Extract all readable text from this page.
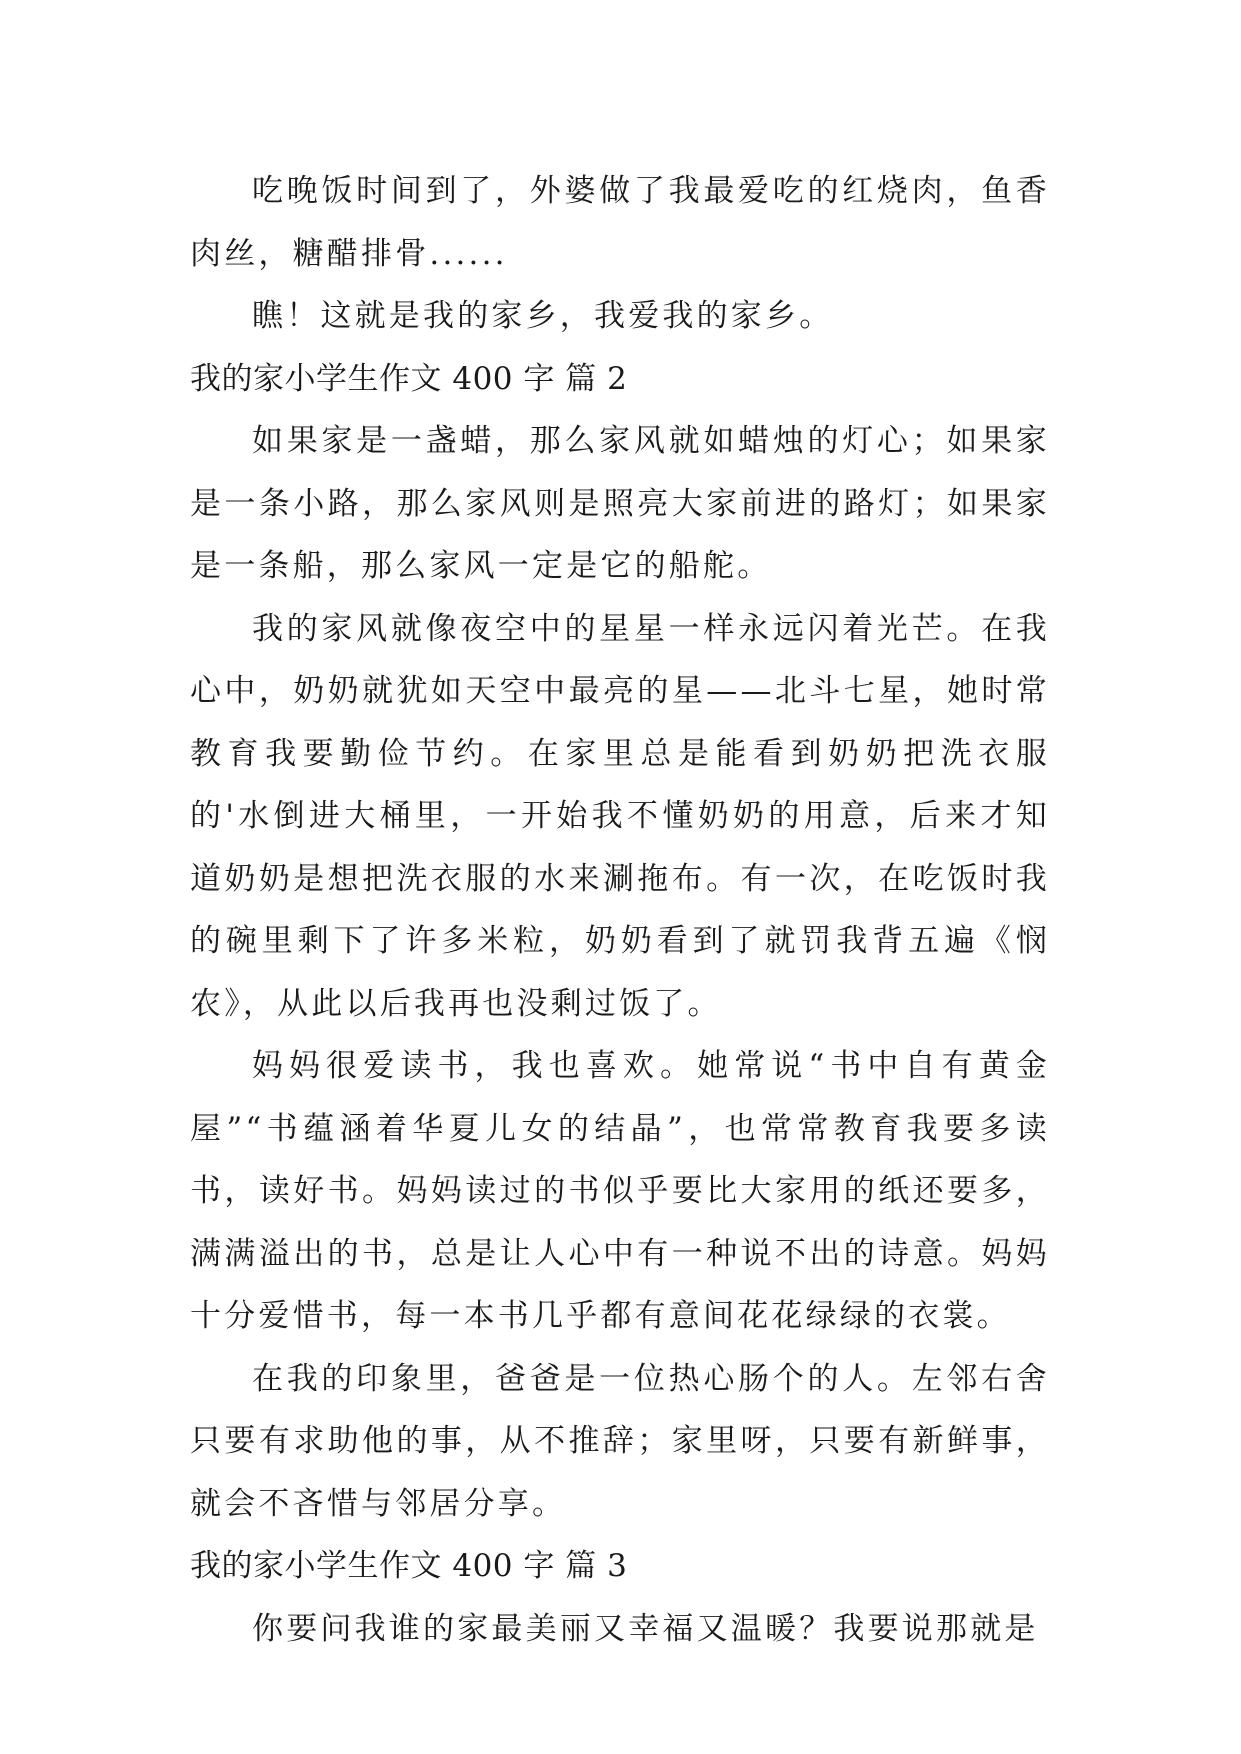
吃晚饭时间到了，外婆做了我最爱吃的红烧肉，鱼香肉丝，糖醋排骨......

瞧！这就是我的家乡，我爱我的家乡。

我的家小学生作文 400 字 篇 2

如果家是一盏蜡，那么家风就如蜡烛的灯心；如果家是一条小路，那么家风则是照亮大家前进的路灯；如果家是一条船，那么家风一定是它的船舵。

我的家风就像夜空中的星星一样永远闪着光芒。在我心中，奶奶就犹如天空中最亮的星——北斗七星，她时常教育我要勤俭节约。在家里总是能看到奶奶把洗衣服的'水倒进大桶里，一开始我不懂奶奶的用意，后来才知道奶奶是想把洗衣服的水来涮拖布。有一次，在吃饭时我的碗里剩下了许多米粒，奶奶看到了就罚我背五遍《悯农》，从此以后我再也没剩过饭了。

妈妈很爱读书，我也喜欢。她常说“书中自有黄金屋”“书蕴涵着华夏儿女的结晶”，也常常教育我要多读书，读好书。妈妈读过的书似乎要比大家用的纸还要多，满满溢出的书，总是让人心中有一种说不出的诗意。妈妈十分爱惜书，每一本书几乎都有意间花花绿绿的衣裳。

在我的印象里，爸爸是一位热心肠个的人。左邻右舍只要有求助他的事，从不推辞；家里呀，只要有新鲜事，就会不吝惜与邻居分享。

我的家小学生作文 400 字 篇 3

你要问我谁的家最美丽又幸福又温暖？我要说那就是
